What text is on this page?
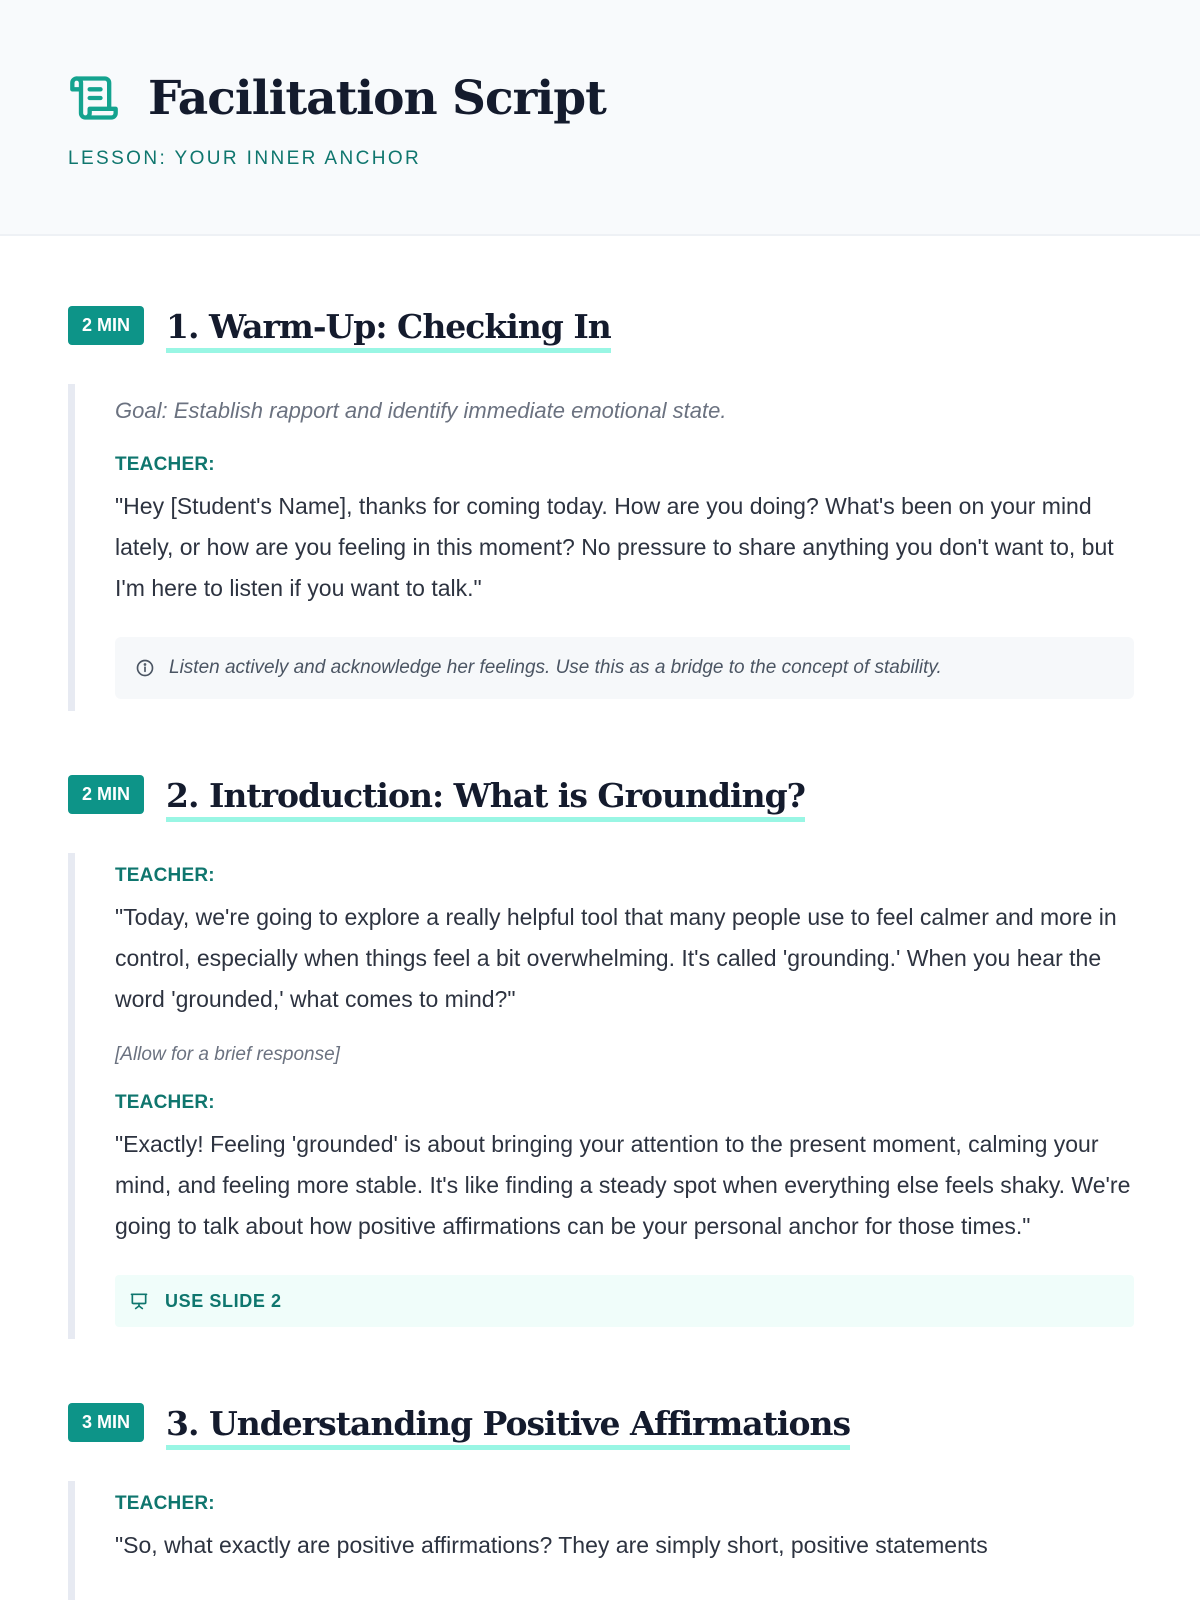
Facilitation Script
LESSON: YOUR INNER ANCHOR
2 MIN	1. Warm-Up: Checking In

Goal: Establish rapport and identify immediate emotional state.

TEACHER:

"Hey [Student's Name], thanks for coming today. How are you doing? What's been on your mind lately, or how are you feeling in this moment? No pressure to share anything you don't want to, but I'm here to listen if you want to talk."

Listen actively and acknowledge her feelings. Use this as a bridge to the concept of stability.
2 MIN	2. Introduction: What is Grounding?
TEACHER:

"Today, we're going to explore a really helpful tool that many people use to feel calmer and more in control, especially when things feel a bit overwhelming. It's called 'grounding.' When you hear the word 'grounded,' what comes to mind?"

[Allow for a brief response]

TEACHER:

"Exactly! Feeling 'grounded' is about bringing your attention to the present moment, calming your mind, and feeling more stable. It's like finding a steady spot when everything else feels shaky. We're going to talk about how positive affirmations can be your personal anchor for those times."

USE SLIDE 2
3 MIN	3. Understanding Positive Affirmations
TEACHER:

"So, what exactly are positive affirmations? They are simply short, positive statements
